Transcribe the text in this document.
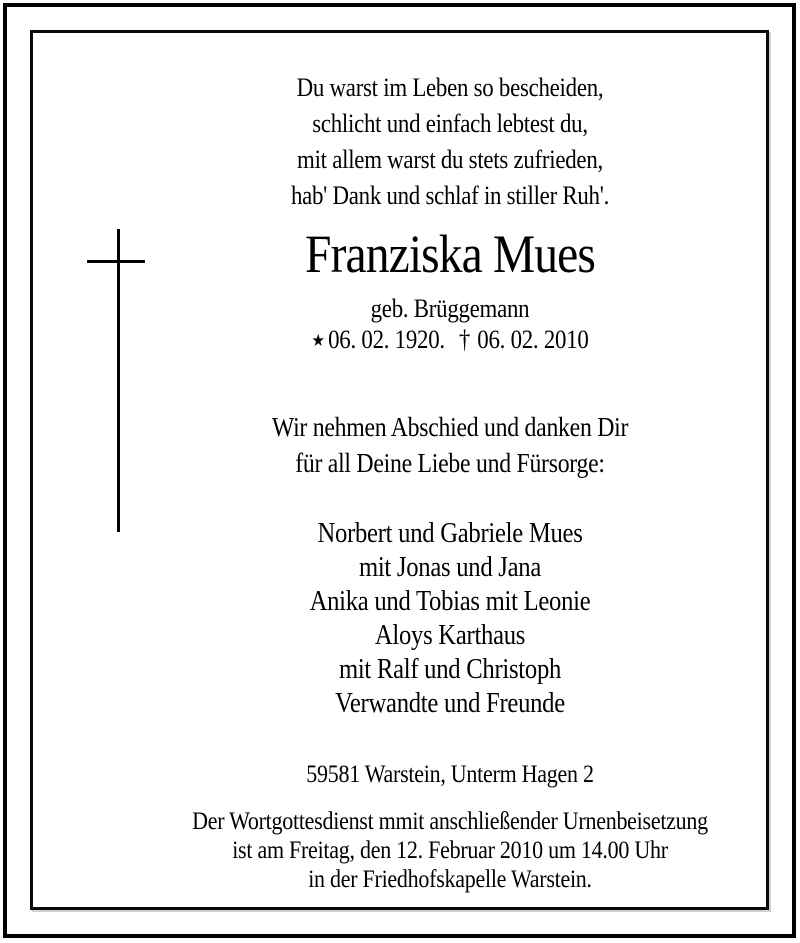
Du warst im Leben so bescheiden,
schlicht und einfach lebtest du,
mit allem warst du stets zufrieden,
hab' Dank und schlaf in stiller Ruh'.
Franziska Mues
geb. Brüggemann
★ 06. 02. 1920. † 06. 02. 2010
Wir nehmen Abschied und danken Dir
für all Deine Liebe und Fürsorge:
Norbert und Gabriele Mues
mit Jonas und Jana
Anika und Tobias mit Leonie
Aloys Karthaus
mit Ralf und Christoph
Verwandte und Freunde
59581 Warstein, Unterm Hagen 2
Der Wortgottesdienst mmit anschließender Urnenbeisetzung
ist am Freitag, den 12. Februar 2010 um 14.00 Uhr
in der Friedhofskapelle Warstein.
